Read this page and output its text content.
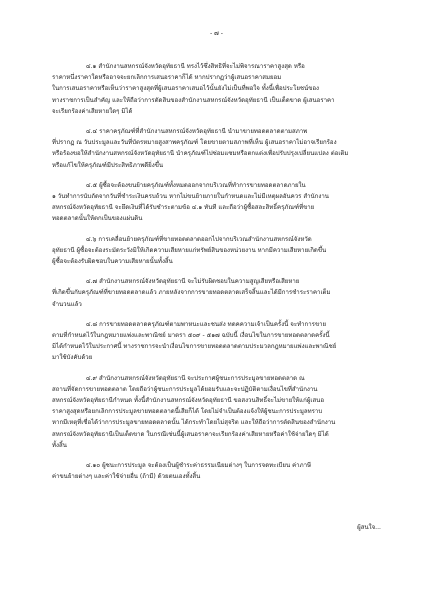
- ๗ -

๔.๑ สำนักงานสหกรณ์จังหวัดอุทัยธานี ทรงไว้ซึ่งสิทธิที่จะไม่พิจารณาราคาสูงสุด หรือ
ราคาหนึ่งราคาใดหรืออาจจะยกเลิกการเสนอราคาก็ได้ หากปรากฏว่าผู้เสนอราคาสมยอม
ในการเสนอราคาหรือเห็นว่าราคาสูงสุดที่ผู้เสนอราคาเสนอไว้นั้นยังไม่เป็นที่พอใจ ทั้งนี้เพื่อประโยชน์ของ
ทางราชการเป็นสำคัญ และให้ถือว่าการตัดสินของสำนักงานสหกรณ์จังหวัดอุทัยธานี เป็นเด็ดขาด ผู้เสนอราคา
จะเรียกร้องค่าเสียหายใดๆ มิได้

๔.๔ ราคาครุภัณฑ์ที่สำนักงานสหกรณ์จังหวัดอุทัยธานี นำมาขายทอดตลาดตามสภาพ
ที่ปรากฏ ณ วันประมูลและวันที่บัตรหมายสูงสาพครุภัณฑ์ โดยขายตามสภาพที่เห็น ผู้เสนอราคาไม่อาจเรียกร้อง
หรือร้องขอให้สำนักงานสหกรณ์จังหวัดอุทัยธานี นำครุภัณฑ์ไปซ่อมแซมหรือตกแต่งเพื่อปรับปรุงเปลี่ยนแปลง ต่อเติม
หรือแก้ไขให้ครุภัณฑ์มีประสิทธิภาพดียิ่งขึ้น

๔.๕ ผู้ซื้อจะต้องขนย้ายครุภัณฑ์ทั้งหมดออกจากบริเวณที่ทำการขายทอดตลาดภายใน
๑ วันทำการนับถัดจากวันที่ชำระเงินครบถ้วน หากไม่ขนย้ายภายในกำหนดและไม่มีเหตุผลอันควร สำนักงาน
สหกรณ์จังหวัดอุทัยธานี จะยึดเงินที่ได้รับชำระตามข้อ ๔.๑ ทันที และถือว่าผู้ซื้อสละสิทธิ์ครุภัณฑ์ที่ขาย
ทอดตลาดนั้นให้ตกเป็นของแผ่นดิน

๔.๖ การเคลื่อนย้ายครุภัณฑ์ที่ขายทอดตลาดออกไปจากบริเวณสำนักงานสหกรณ์จังหวัด
อุทัยธานี ผู้ซื้อจะต้องระมัดระวังมิให้เกิดความเสียหายแก่ทรัพย์สินของหน่วยงาน หากมีความเสียหายเกิดขึ้น
ผู้ซื้อจะต้องรับผิดชอบในความเสียหายนั้นทั้งสิ้น

๔.๗ สำนักงานสหกรณ์จังหวัดอุทัยธานี จะไม่รับผิดชอบในความสูญเสียหรือเสียหาย
ที่เกิดขึ้นกับครุภัณฑ์ที่ขายทอดตลาดแล้ว ภายหลังจากการขายทอดตลาดเสร็จสิ้นและได้มีการชำระราคาเต็ม
จำนวนแล้ว

๔.๘ การขายทอดตลาดครุภัณฑ์ตามพาหนะและชนส่ง ทดคความเจ้าเป็นครั้งนี้ จะทำการขาย
ตามที่กำหนดไว้ในกฎหมายแพ่งและพาณิชย์ มาตรา ๕๐๙ - ๕๑๗ ฉบับนี้ เงื่อนไขในการขายทอดตลาดครั้งนี้
มิได้กำหนดไว้ในประกาศนี้ ทางราชการจะนำเงื่อนไขการขายทอดตลาดตามประมวลกฎหมายแพ่งและพาณิชย์
มาใช้บังคับด้วย

๔.๙ สำนักงานสหกรณ์จังหวัดอุทัยธานี จะประกาศผู้ชนะการประมูลขายทอดตลาด ณ
สถานที่จัดการขายทอดตลาด โดยถือว่าผู้ชนะการประมูลได้ยอมรับและจะปฏิบัติตามเงื่อนไขที่สำนักงาน
สหกรณ์จังหวัดอุทัยธานีกำหนด ทั้งนี้สำนักงานสหกรณ์จังหวัดอุทัยธานี ขอสงวนสิทธิ์จะไม่ขายให้แก่ผู้เสนอ
ราคาสูงสุดหรือยกเลิกการประมูลขายทอดตลาดนี้เสียก็ได้ โดยไม่จำเป็นต้องแจ้งให้ผู้ชนะการประมูลทราบ
หากมีเหตุที่เชื่อได้ว่าการประมูลขายทอดตลาดนั้น ได้กระทำโดยไม่สุจริต และให้ถือว่าการตัดสินของสำนักงาน
สหกรณ์จังหวัดอุทัยธานีเป็นเด็ดขาด ในกรณีเช่นนี้ผู้เสนอราคาจะเรียกร้องค่าเสียหายหรือค่าใช้จ่ายใดๆ มิได้
ทั้งสิ้น

๔.๑๐ ผู้ชนะการประมูล จะต้องเป็นผู้ชำระค่าธรรมเนียมต่างๆ ในการจดทะเบียน ค่าภาษี
ค่าขนย้ายต่างๆ และค่าใช้จ่ายอื่น (ถ้ามี) ด้วยตนเองทั้งสิ้น

ผู้สนใจ...
